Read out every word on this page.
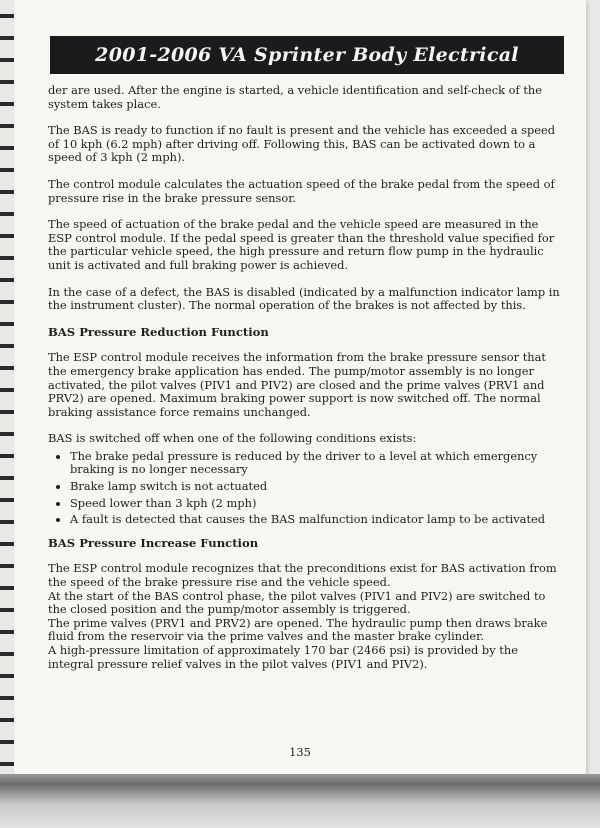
2001-2006 VA Sprinter Body Electrical

der are used. After the engine is started, a vehicle identification and self-check of the system takes place.

The BAS is ready to function if no fault is present and the vehicle has exceeded a speed of 10 kph (6.2 mph) after driving off. Following this, BAS can be activated down to a speed of 3 kph (2 mph).

The control module calculates the actuation speed of the brake pedal from the speed of pressure rise in the brake pressure sensor.

The speed of actuation of the brake pedal and the vehicle speed are measured in the ESP control module. If the pedal speed is greater than the threshold value specified for the particular vehicle speed, the high pressure and return flow pump in the hydraulic unit is activated and full braking power is achieved.

In the case of a defect, the BAS is disabled (indicated by a malfunction indicator lamp in the instrument cluster). The normal operation of the brakes is not affected by this.

BAS Pressure Reduction Function

The ESP control module receives the information from the brake pressure sensor that the emergency brake application has ended. The pump/motor assembly is no longer activated, the pilot valves (PIV1 and PIV2) are closed and the prime valves (PRV1 and PRV2) are opened. Maximum braking power support is now switched off. The normal braking assistance force remains unchanged.

BAS is switched off when one of the following conditions exists:

• The brake pedal pressure is reduced by the driver to a level at which emergency braking is no longer necessary
• Brake lamp switch is not actuated
• Speed lower than 3 kph (2 mph)
• A fault is detected that causes the BAS malfunction indicator lamp to be activated
BAS Pressure Increase Function

The ESP control module recognizes that the preconditions exist for BAS activation from the speed of the brake pressure rise and the vehicle speed.

At the start of the BAS control phase, the pilot valves (PIV1 and PIV2) are switched to the closed position and the pump/motor assembly is triggered.

The prime valves (PRV1 and PRV2) are opened. The hydraulic pump then draws brake fluid from the reservoir via the prime valves and the master brake cylinder.

A high-pressure limitation of approximately 170 bar (2466 psi) is provided by the integral pressure relief valves in the pilot valves (PIV1 and PIV2).

135
